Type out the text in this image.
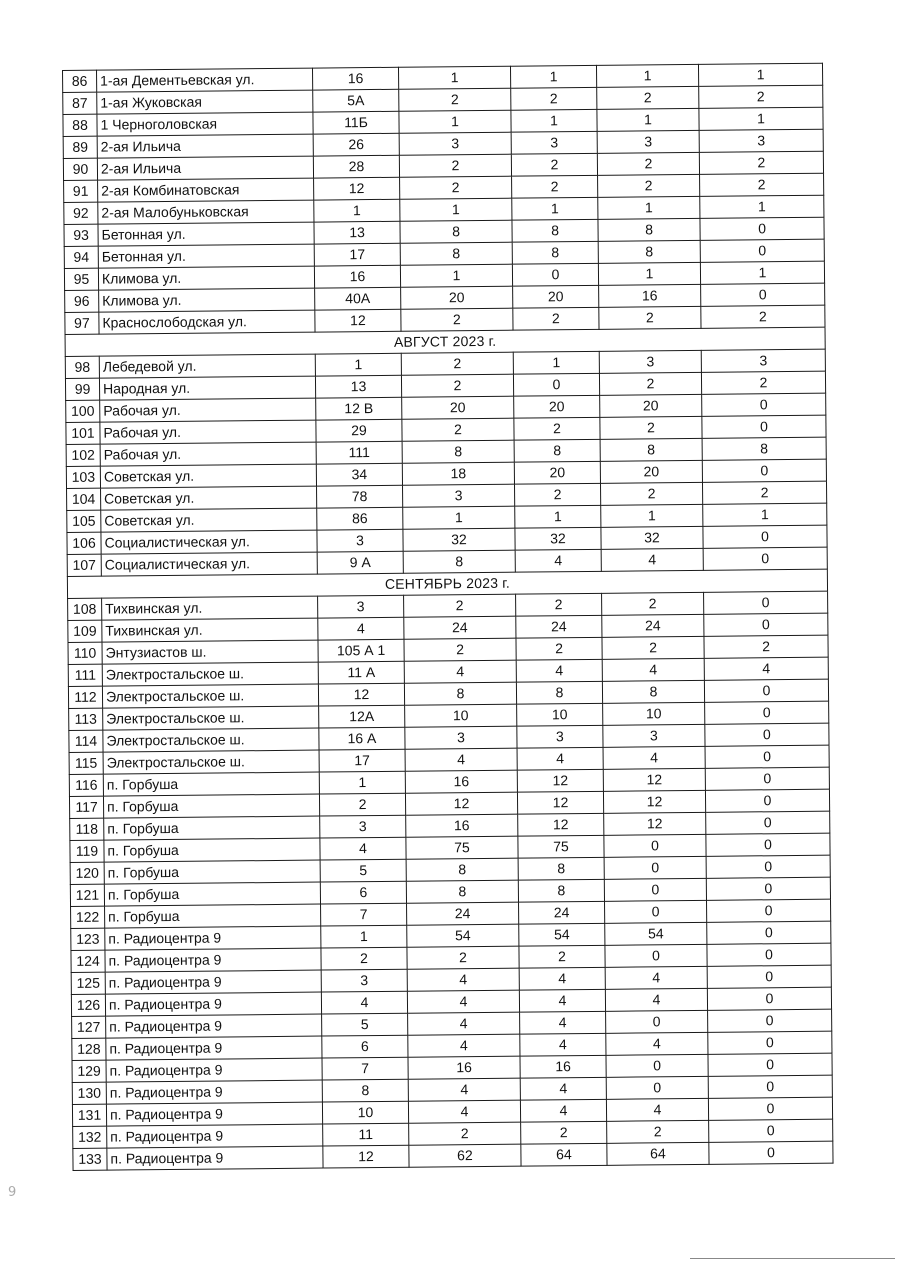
86	1-ая Дементьевская ул.	16	1	1	1	1
87	1-ая Жуковская	5А	2	2	2	2
88	1 Черноголовская	11Б	1	1	1	1
89	2-ая Ильича	26	3	3	3	3
90	2-ая Ильича	28	2	2	2	2
91	2-ая Комбинатовская	12	2	2	2	2
92	2-ая Малобуньковская	1	1	1	1	1
93	Бетонная ул.	13	8	8	8	0
94	Бетонная ул.	17	8	8	8	0
95	Климова ул.	16	1	0	1	1
96	Климова ул.	40А	20	20	16	0
97	Краснослободская ул.	12	2	2	2	2
АВГУСТ 2023 г.						
98	Лебедевой ул.	1	2	1	3	3
99	Народная ул.	13	2	0	2	2
100	Рабочая ул.	12 В	20	20	20	0
101	Рабочая ул.	29	2	2	2	0
102	Рабочая ул.	111	8	8	8	8
103	Советская ул.	34	18	20	20	0
104	Советская ул.	78	3	2	2	2
105	Советская ул.	86	1	1	1	1
106	Социалистическая ул.	3	32	32	32	0
107	Социалистическая ул.	9 А	8	4	4	0
СЕНТЯБРЬ 2023 г.						
108	Тихвинская ул.	3	2	2	2	0
109	Тихвинская ул.	4	24	24	24	0
110	Энтузиастов ш.	105 А 1	2	2	2	2
111	Электростальское ш.	11 А	4	4	4	4
112	Электростальское ш.	12	8	8	8	0
113	Электростальское ш.	12А	10	10	10	0
114	Электростальское ш.	16 А	3	3	3	0
115	Электростальское ш.	17	4	4	4	0
116	п. Горбуша	1	16	12	12	0
117	п. Горбуша	2	12	12	12	0
118	п. Горбуша	3	16	12	12	0
119	п. Горбуша	4	75	75	0	0
120	п. Горбуша	5	8	8	0	0
121	п. Горбуша	6	8	8	0	0
122	п. Горбуша	7	24	24	0	0
123	п. Радиоцентра 9	1	54	54	54	0
124	п. Радиоцентра 9	2	2	2	0	0
125	п. Радиоцентра 9	3	4	4	4	0
126	п. Радиоцентра 9	4	4	4	4	0
127	п. Радиоцентра 9	5	4	4	0	0
128	п. Радиоцентра 9	6	4	4	4	0
129	п. Радиоцентра 9	7	16	16	0	0
130	п. Радиоцентра 9	8	4	4	0	0
131	п. Радиоцентра 9	10	4	4	4	0
132	п. Радиоцентра 9	11	2	2	2	0
133	п. Радиоцентра 9	12	62	64	64	0
9
